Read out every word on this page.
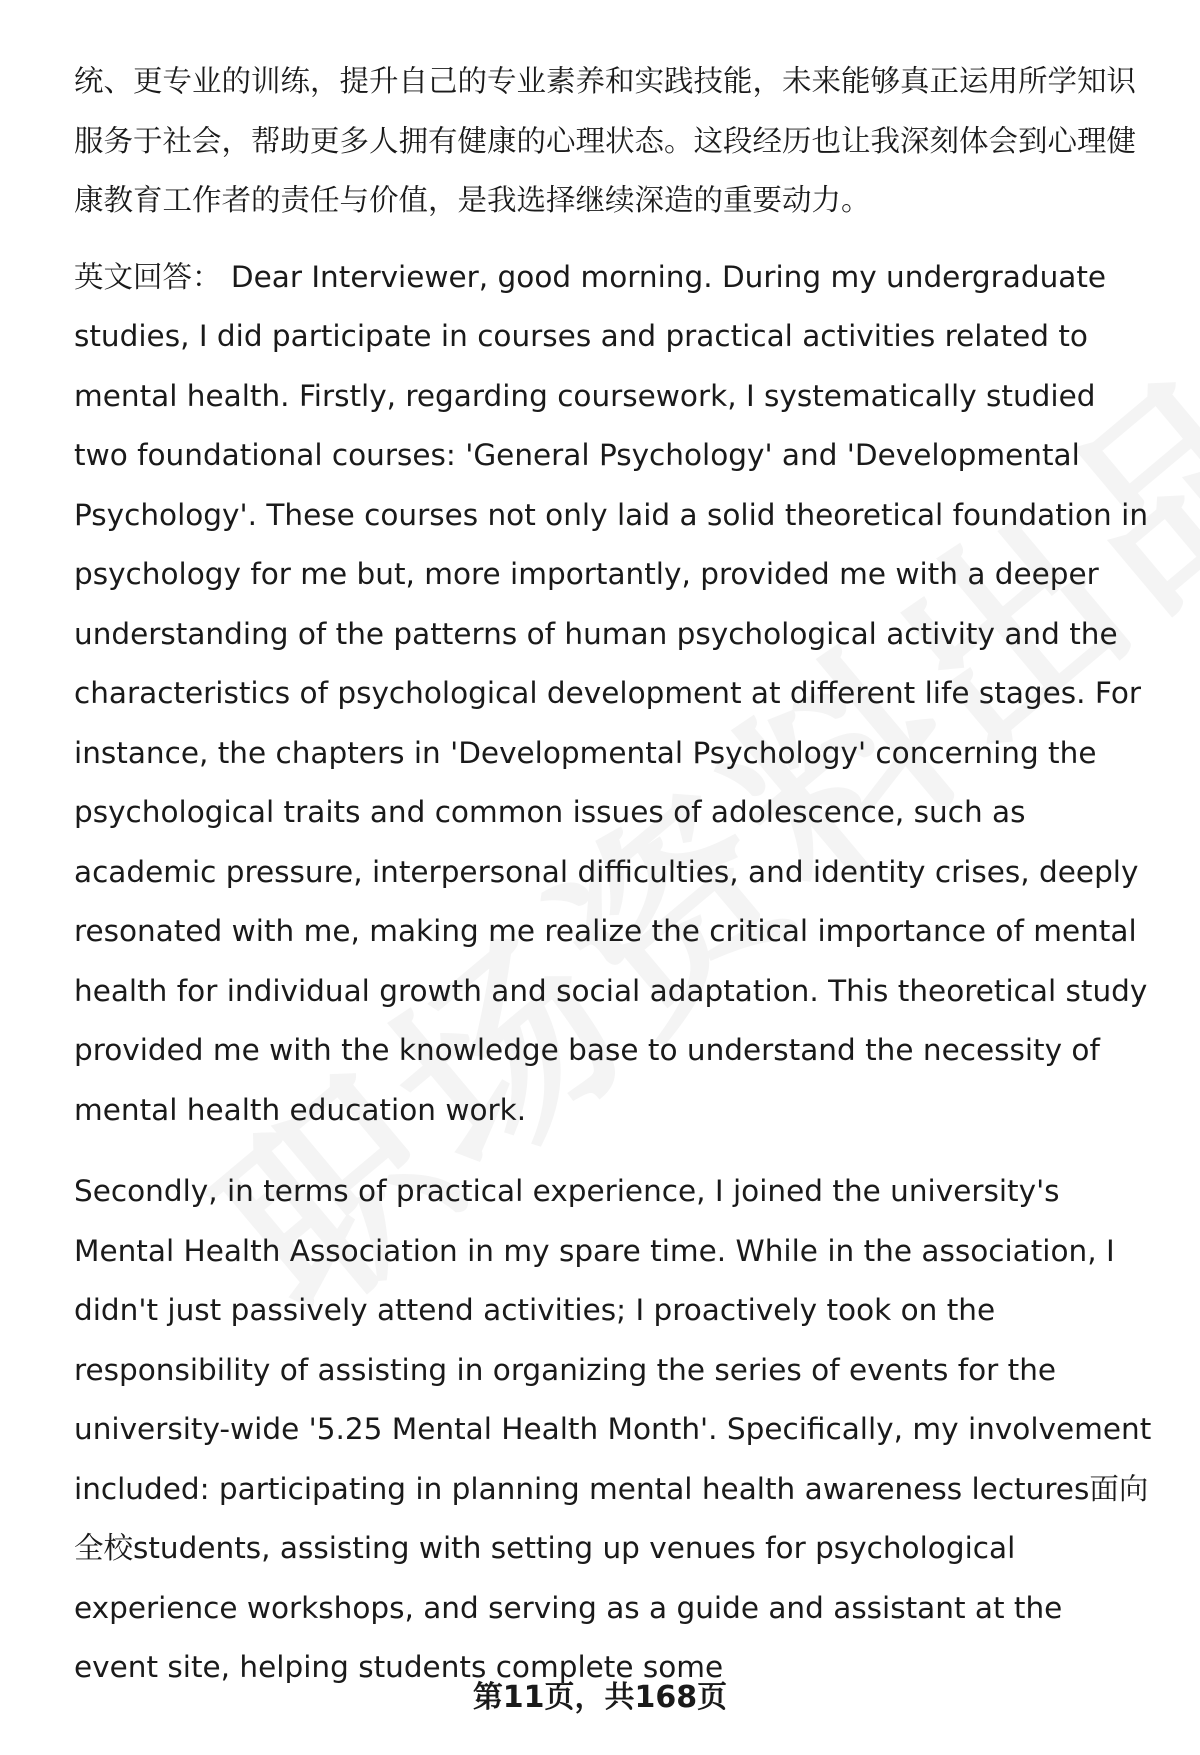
统、更专业的训练，提升自己的专业素养和实践技能，未来能够真正运用所学知识服务于社会，帮助更多人拥有健康的心理状态。这段经历也让我深刻体会到心理健康教育工作者的责任与价值，是我选择继续深造的重要动力。

英文回答： Dear Interviewer, good morning. During my undergraduate studies, I did participate in courses and practical activities related to mental health. Firstly, regarding coursework, I systematically studied two foundational courses: 'General Psychology' and 'Developmental Psychology'. These courses not only laid a solid theoretical foundation in psychology for me but, more importantly, provided me with a deeper understanding of the patterns of human psychological activity and the characteristics of psychological development at different life stages. For instance, the chapters in 'Developmental Psychology' concerning the psychological traits and common issues of adolescence, such as academic pressure, interpersonal difficulties, and identity crises, deeply resonated with me, making me realize the critical importance of mental health for individual growth and social adaptation. This theoretical study provided me with the knowledge base to understand the necessity of mental health education work.

Secondly, in terms of practical experience, I joined the university's Mental Health Association in my spare time. While in the association, I didn't just passively attend activities; I proactively took on the responsibility of assisting in organizing the series of events for the university-wide '5.25 Mental Health Month'. Specifically, my involvement included: participating in planning mental health awareness lectures面向全校students, assisting with setting up venues for psychological experience workshops, and serving as a guide and assistant at the event site, helping students complete some

第11页，共168页
